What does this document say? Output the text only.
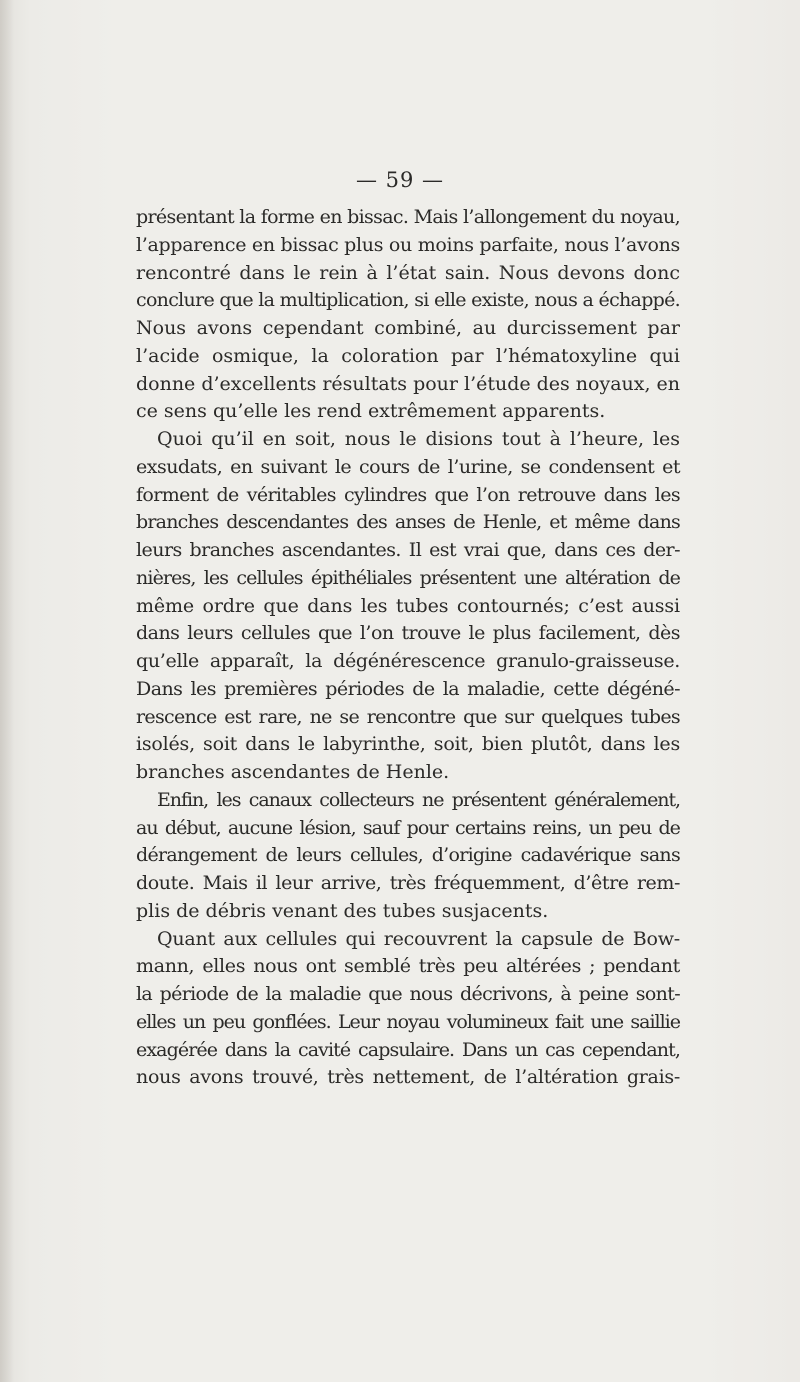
— 59 —

présentant la forme en bissac. Mais l’allongement du noyau,
l’apparence en bissac plus ou moins parfaite, nous l’avons
rencontré dans le rein à l’état sain. Nous devons donc
conclure que la multiplication, si elle existe, nous a échappé.
Nous avons cependant combiné, au durcissement par
l’acide osmique, la coloration par l’hématoxyline qui
donne d’excellents résultats pour l’étude des noyaux, en
ce sens qu’elle les rend extrêmement apparents.

Quoi qu’il en soit, nous le disions tout à l’heure, les
exsudats, en suivant le cours de l’urine, se condensent et
forment de véritables cylindres que l’on retrouve dans les
branches descendantes des anses de Henle, et même dans
leurs branches ascendantes. Il est vrai que, dans ces der-
nières, les cellules épithéliales présentent une altération de
même ordre que dans les tubes contournés; c’est aussi
dans leurs cellules que l’on trouve le plus facilement, dès
qu’elle apparaît, la dégénérescence granulo-graisseuse.
Dans les premières périodes de la maladie, cette dégéné-
rescence est rare, ne se rencontre que sur quelques tubes
isolés, soit dans le labyrinthe, soit, bien plutôt, dans les
branches ascendantes de Henle.

Enfin, les canaux collecteurs ne présentent généralement,
au début, aucune lésion, sauf pour certains reins, un peu de
dérangement de leurs cellules, d’origine cadavérique sans
doute. Mais il leur arrive, très fréquemment, d’être rem-
plis de débris venant des tubes susjacents.

Quant aux cellules qui recouvrent la capsule de Bow-
mann, elles nous ont semblé très peu altérées ; pendant
la période de la maladie que nous décrivons, à peine sont-
elles un peu gonflées. Leur noyau volumineux fait une saillie
exagérée dans la cavité capsulaire. Dans un cas cependant,
nous avons trouvé, très nettement, de l’altération grais-
